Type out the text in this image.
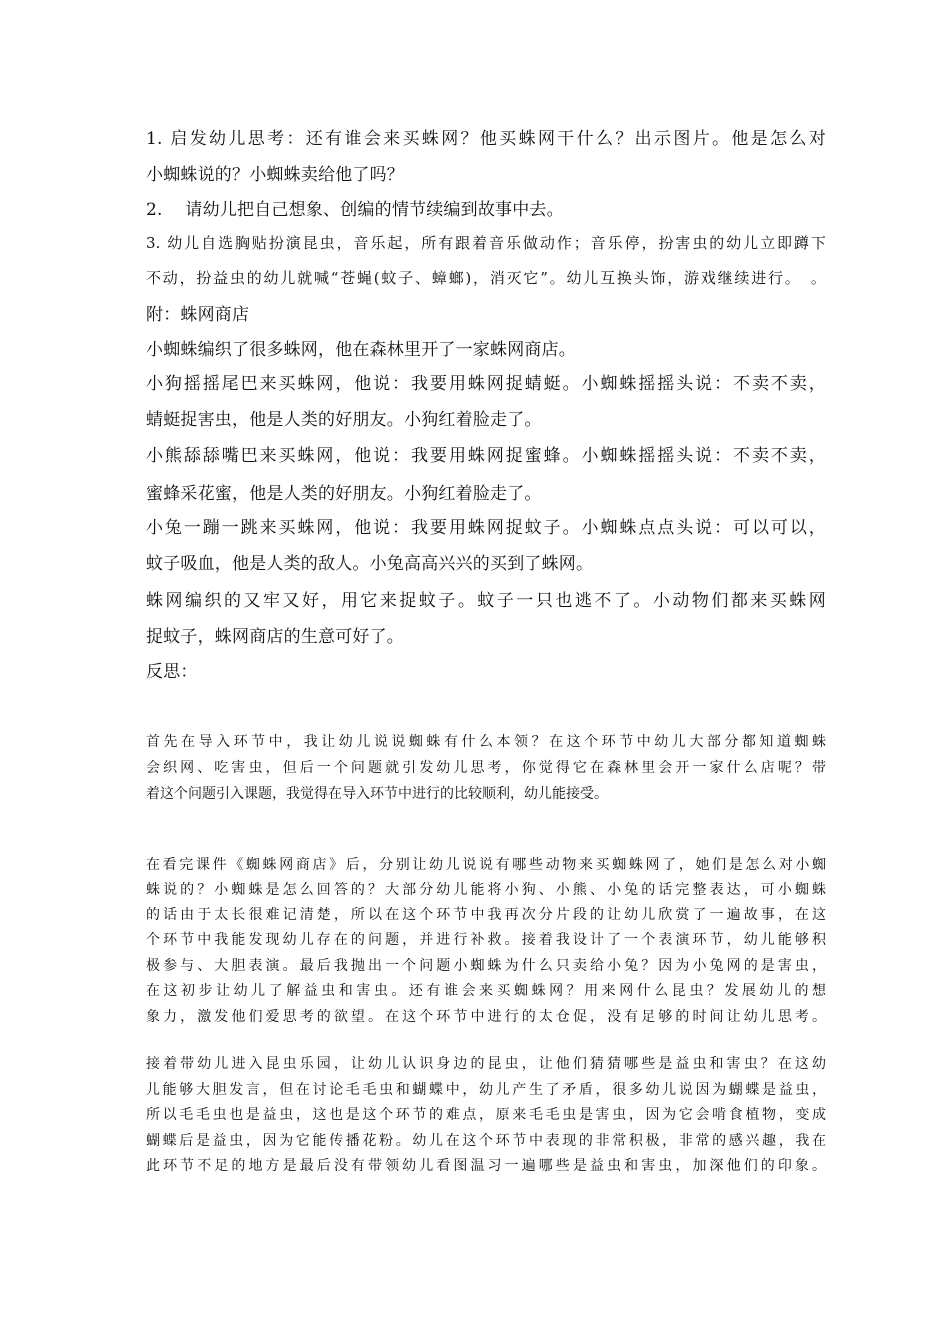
1. 启发幼儿思考：还有谁会来买蛛网？他买蛛网干什么？出示图片。他是怎么对
小蜘蛛说的？小蜘蛛卖给他了吗？
2.　 请幼儿把自己想象、创编的情节续编到故事中去。
3. 幼儿自选胸贴扮演昆虫，音乐起，所有跟着音乐做动作；音乐停，扮害虫的幼儿立即蹲下
不动，扮益虫的幼儿就喊“苍蝇(蚊子、蟑螂)，消灭它”。幼儿互换头饰，游戏继续进行。　。
附：蛛网商店
小蜘蛛编织了很多蛛网，他在森林里开了一家蛛网商店。
小狗摇摇尾巴来买蛛网，他说：我要用蛛网捉蜻蜓。小蜘蛛摇摇头说：不卖不卖，
蜻蜓捉害虫，他是人类的好朋友。小狗红着脸走了。
小熊舔舔嘴巴来买蛛网，他说：我要用蛛网捉蜜蜂。小蜘蛛摇摇头说：不卖不卖，
蜜蜂采花蜜，他是人类的好朋友。小狗红着脸走了。
小兔一蹦一跳来买蛛网，他说：我要用蛛网捉蚊子。小蜘蛛点点头说：可以可以，
蚊子吸血，他是人类的敌人。小兔高高兴兴的买到了蛛网。
蛛网编织的又牢又好，用它来捉蚊子。蚊子一只也逃不了。小动物们都来买蛛网
捉蚊子，蛛网商店的生意可好了。
反思：
首先在导入环节中，我让幼儿说说蜘蛛有什么本领？在这个环节中幼儿大部分都知道蜘蛛
会织网、吃害虫，但后一个问题就引发幼儿思考，你觉得它在森林里会开一家什么店呢？带
着这个问题引入课题，我觉得在导入环节中进行的比较顺利，幼儿能接受。
在看完课件《蜘蛛网商店》后，分别让幼儿说说有哪些动物来买蜘蛛网了，她们是怎么对小蜘
蛛说的？小蜘蛛是怎么回答的？大部分幼儿能将小狗、小熊、小兔的话完整表达，可小蜘蛛
的话由于太长很难记清楚，所以在这个环节中我再次分片段的让幼儿欣赏了一遍故事，在这
个环节中我能发现幼儿存在的问题，并进行补救。接着我设计了一个表演环节，幼儿能够积
极参与、大胆表演。最后我抛出一个问题小蜘蛛为什么只卖给小兔？因为小兔网的是害虫，
在这初步让幼儿了解益虫和害虫。还有谁会来买蜘蛛网？用来网什么昆虫？发展幼儿的想
象力，激发他们爱思考的欲望。在这个环节中进行的太仓促，没有足够的时间让幼儿思考。
接着带幼儿进入昆虫乐园，让幼儿认识身边的昆虫，让他们猜猜哪些是益虫和害虫？在这幼
儿能够大胆发言，但在讨论毛毛虫和蝴蝶中，幼儿产生了矛盾，很多幼儿说因为蝴蝶是益虫，
所以毛毛虫也是益虫，这也是这个环节的难点，原来毛毛虫是害虫，因为它会啃食植物，变成
蝴蝶后是益虫，因为它能传播花粉。幼儿在这个环节中表现的非常积极，非常的感兴趣，我在
此环节不足的地方是最后没有带领幼儿看图温习一遍哪些是益虫和害虫，加深他们的印象。
